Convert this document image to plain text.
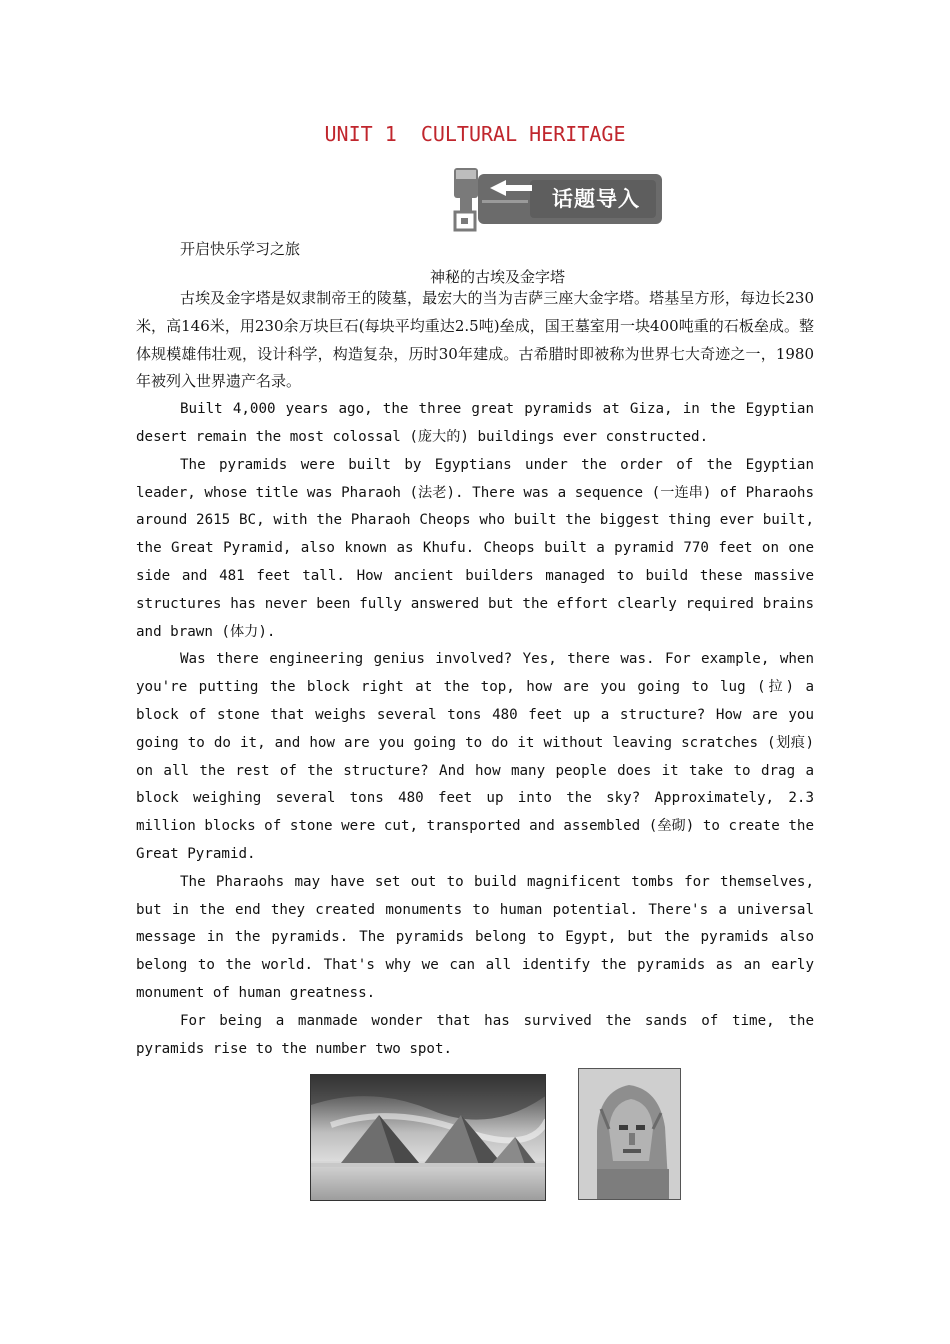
UNIT 1  CULTURAL HERITAGE
话题导入
开启快乐学习之旅
神秘的古埃及金字塔

古埃及金字塔是奴隶制帝王的陵墓，最宏大的当为吉萨三座大金字塔。塔基呈方形，每边长230米，高146米，用230余万块巨石(每块平均重达2.5吨)垒成，国王墓室用一块400吨重的石板垒成。整体规模雄伟壮观，设计科学，构造复杂，历时30年建成。古希腊时即被称为世界七大奇迹之一，1980年被列入世界遗产名录。

Built 4,000 years ago, the three great pyramids at Giza, in the Egyptian desert remain the most colossal (庞大的) buildings ever constructed.

The pyramids were built by Egyptians under the order of the Egyptian leader, whose title was Pharaoh (法老). There was a sequence (一连串) of Pharaohs around 2615 BC, with the Pharaoh Cheops who built the biggest thing ever built, the Great Pyramid, also known as Khufu. Cheops built a pyramid 770 feet on one side and 481 feet tall. How ancient builders managed to build these massive structures has never been fully answered but the effort clearly required brains and brawn (体力).

Was there engineering genius involved? Yes, there was. For example, when you're putting the block right at the top, how are you going to lug (拉) a block of stone that weighs several tons 480 feet up a structure? How are you going to do it, and how are you going to do it without leaving scratches (划痕) on all the rest of the structure? And how many people does it take to drag a block weighing several tons 480 feet up into the sky? Approximately, 2.3 million blocks of stone were cut, transported and assembled (垒砌) to create the Great Pyramid.

The Pharaohs may have set out to build magnificent tombs for themselves, but in the end they created monuments to human potential. There's a universal message in the pyramids. The pyramids belong to Egypt, but the pyramids also belong to the world. That's why we can all identify the pyramids as an early monument of human greatness.

For being a manmade wonder that has survived the sands of time, the pyramids rise to the number two spot.
